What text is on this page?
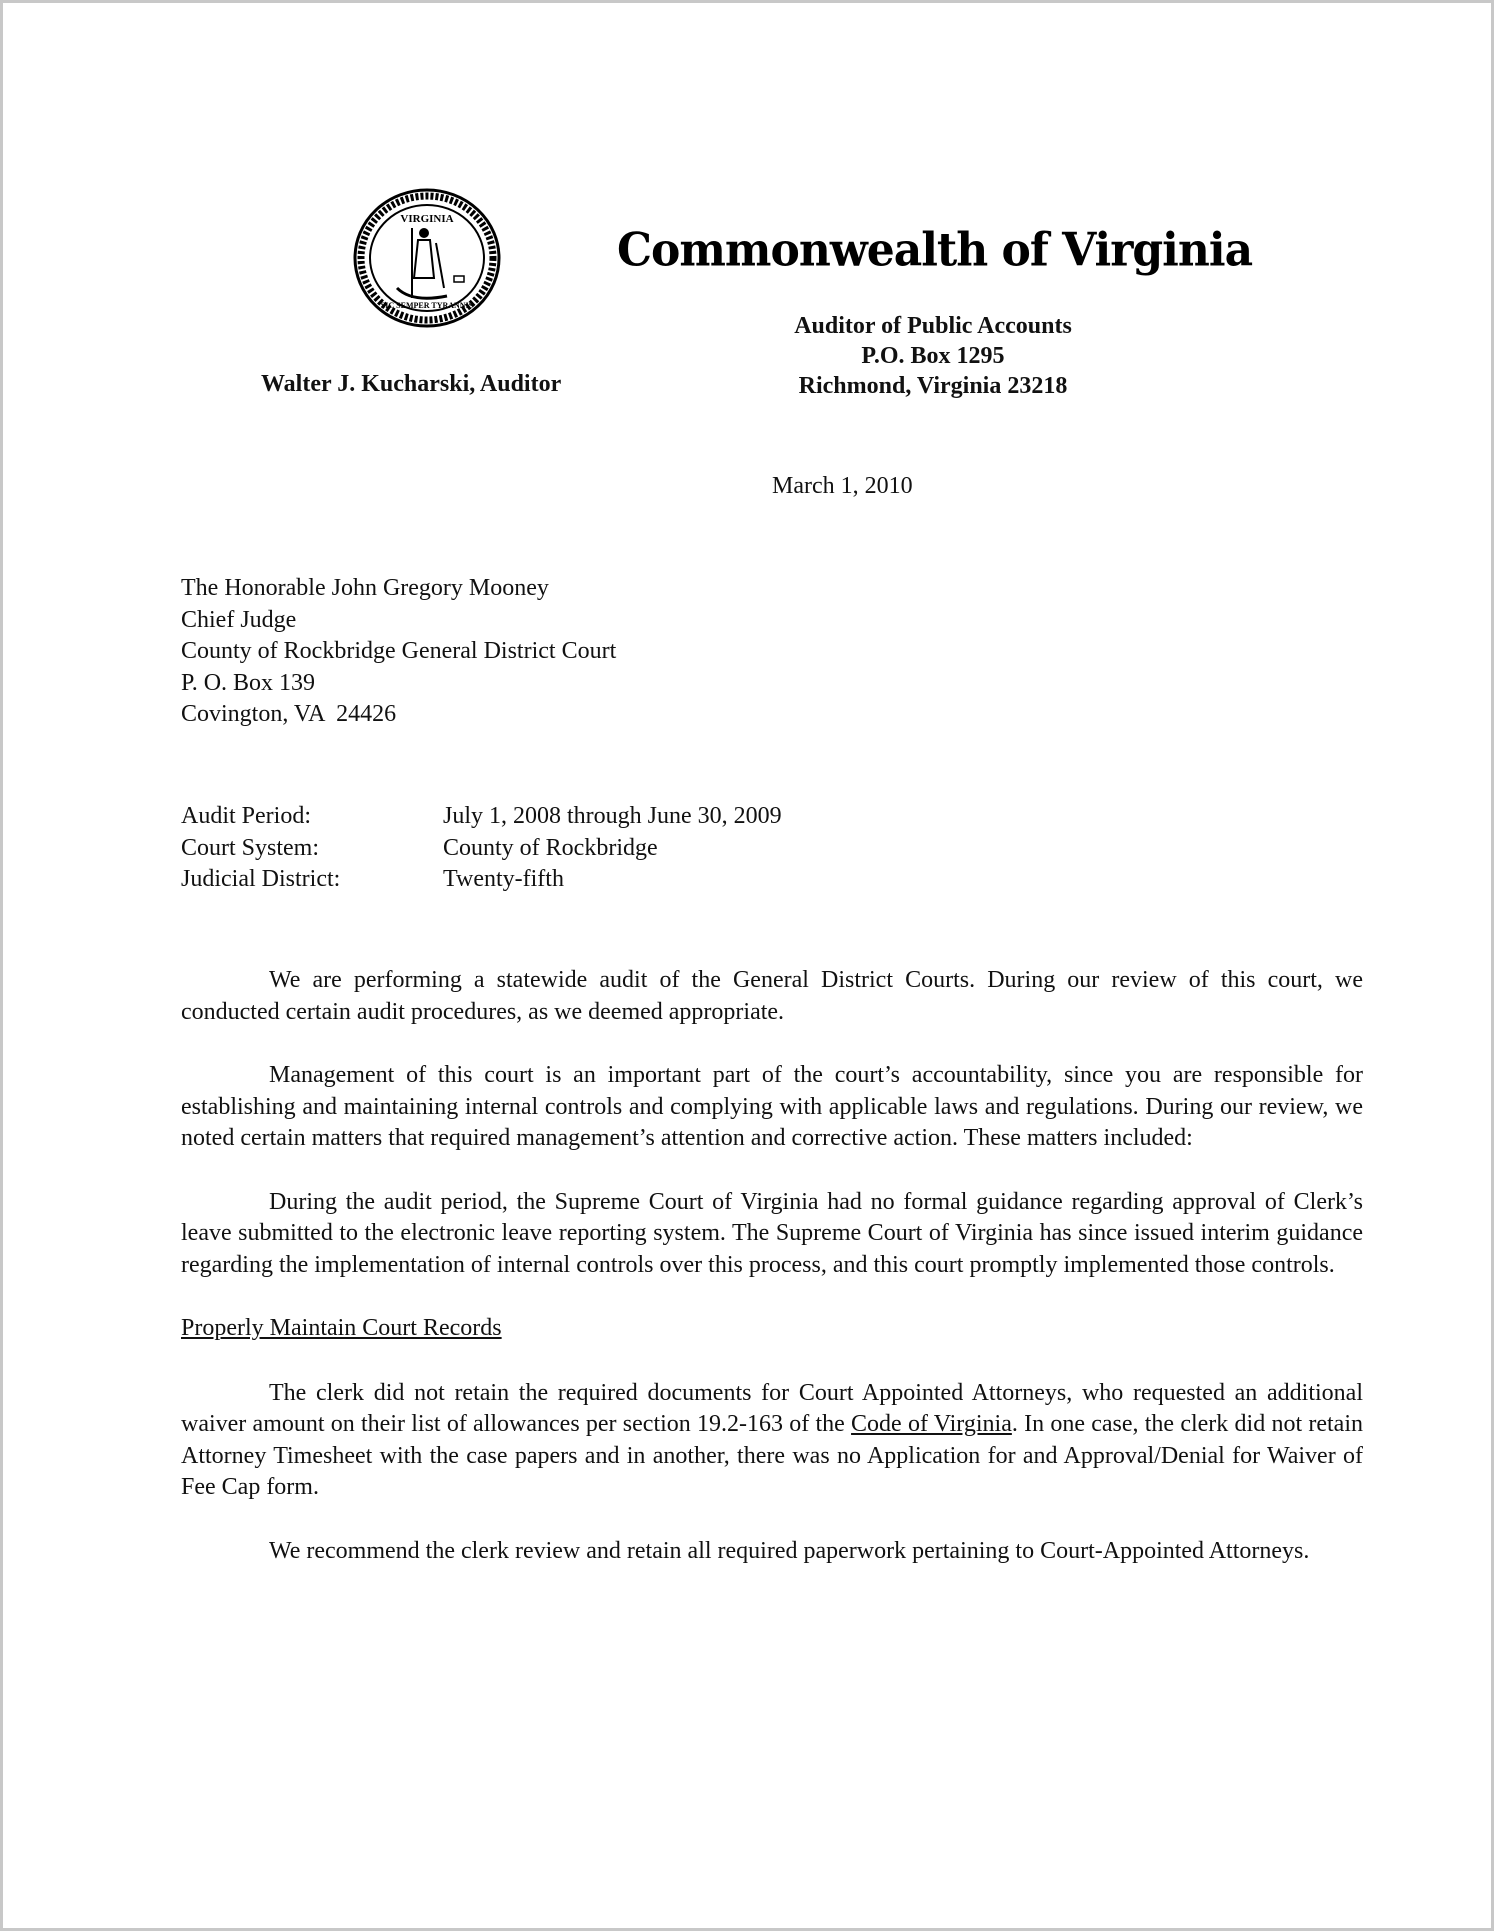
VIRGINIA
SIC SEMPER TYRANNIS
Commonwealth of Virginia
Auditor of Public Accounts
P.O. Box 1295
Richmond, Virginia 23218
Walter J. Kucharski, Auditor
March 1, 2010
The Honorable John Gregory Mooney
Chief Judge
County of Rockbridge General District Court
P. O. Box 139
Covington, VA  24426
Audit Period:	July 1, 2008 through June 30, 2009
Court System:	County of Rockbridge
Judicial District:	Twenty-fifth

We are performing a statewide audit of the General District Courts. During our review of this court, we conducted certain audit procedures, as we deemed appropriate.

Management of this court is an important part of the court’s accountability, since you are responsible for establishing and maintaining internal controls and complying with applicable laws and regulations. During our review, we noted certain matters that required management’s attention and corrective action. These matters included:

During the audit period, the Supreme Court of Virginia had no formal guidance regarding approval of Clerk’s leave submitted to the electronic leave reporting system. The Supreme Court of Virginia has since issued interim guidance regarding the implementation of internal controls over this process, and this court promptly implemented those controls.

Properly Maintain Court Records

The clerk did not retain the required documents for Court Appointed Attorneys, who requested an additional waiver amount on their list of allowances per section 19.2-163 of the Code of Virginia. In one case, the clerk did not retain Attorney Timesheet with the case papers and in another, there was no Application for and Approval/Denial for Waiver of Fee Cap form.

We recommend the clerk review and retain all required paperwork pertaining to Court-Appointed Attorneys.
